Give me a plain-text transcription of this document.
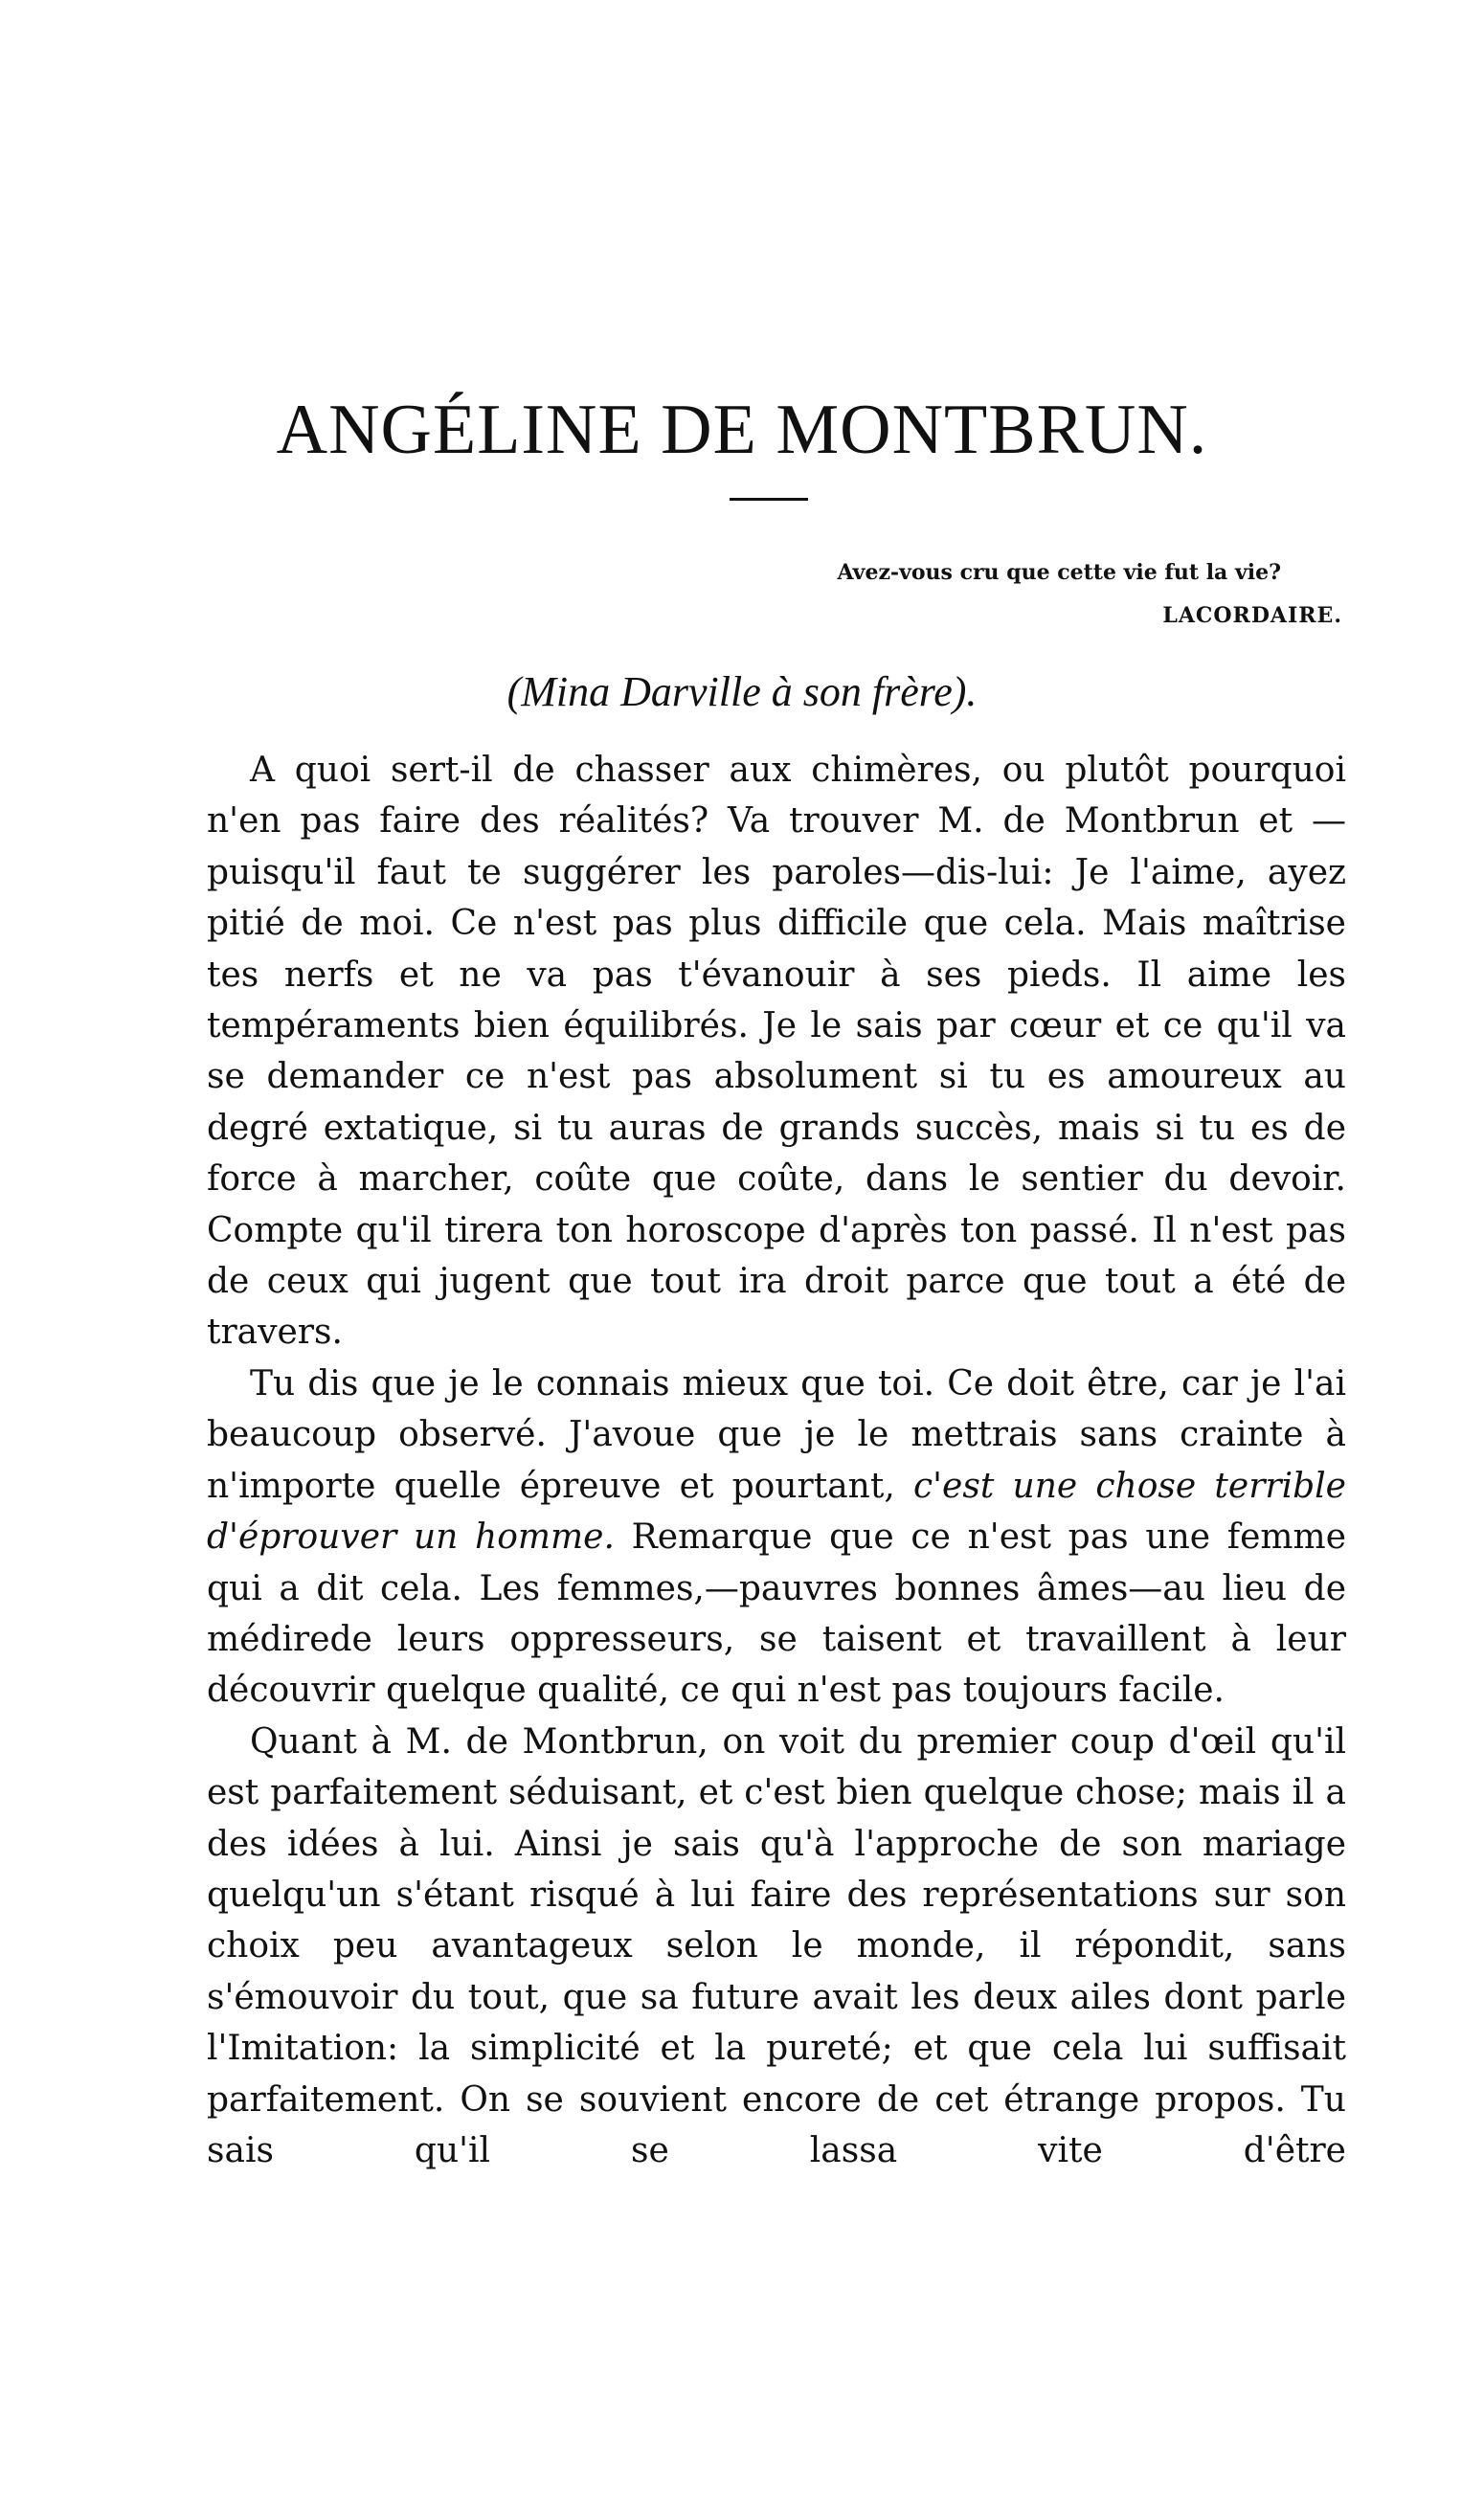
ANGÉLINE DE MONTBRUN.
Avez-vous cru que cette vie fut la vie?
LACORDAIRE.
(Mina Darville à son frère).

A quoi sert-il de chasser aux chimères, ou plutôt pourquoi n'en pas faire des réalités? Va trouver M. de Montbrun et —puisqu'il faut te suggérer les paroles—dis-lui: Je l'aime, ayez pitié de moi. Ce n'est pas plus difficile que cela. Mais maîtrise tes nerfs et ne va pas t'évanouir à ses pieds. Il aime les tempéraments bien équilibrés. Je le sais par cœur et ce qu'il va se demander ce n'est pas absolument si tu es amoureux au degré extatique, si tu auras de grands succès, mais si tu es de force à marcher, coûte que coûte, dans le sentier du devoir. Compte qu'il tirera ton horoscope d'après ton passé. Il n'est pas de ceux qui jugent que tout ira droit parce que tout a été de travers.

Tu dis que je le connais mieux que toi. Ce doit être, car je l'ai beaucoup observé. J'avoue que je le mettrais sans crainte à n'importe quelle épreuve et pourtant, c'est une chose terrible d'éprouver un homme. Remarque que ce n'est pas une femme qui a dit cela. Les femmes,—pauvres bonnes âmes—au lieu de médirede leurs oppresseurs, se taisent et travaillent à leur découvrir quelque qualité, ce qui n'est pas toujours facile.

Quant à M. de Montbrun, on voit du premier coup d'œil qu'il est parfaitement séduisant, et c'est bien quelque chose; mais il a des idées à lui. Ainsi je sais qu'à l'approche de son mariage quelqu'un s'étant risqué à lui faire des représentations sur son choix peu avantageux selon le monde, il répondit, sans s'émouvoir du tout, que sa future avait les deux ailes dont parle l'Imitation: la simplicité et la pureté; et que cela lui suffisait parfaitement. On se souvient encore de cet étrange propos. Tu sais qu'il se lassa vite d'être
